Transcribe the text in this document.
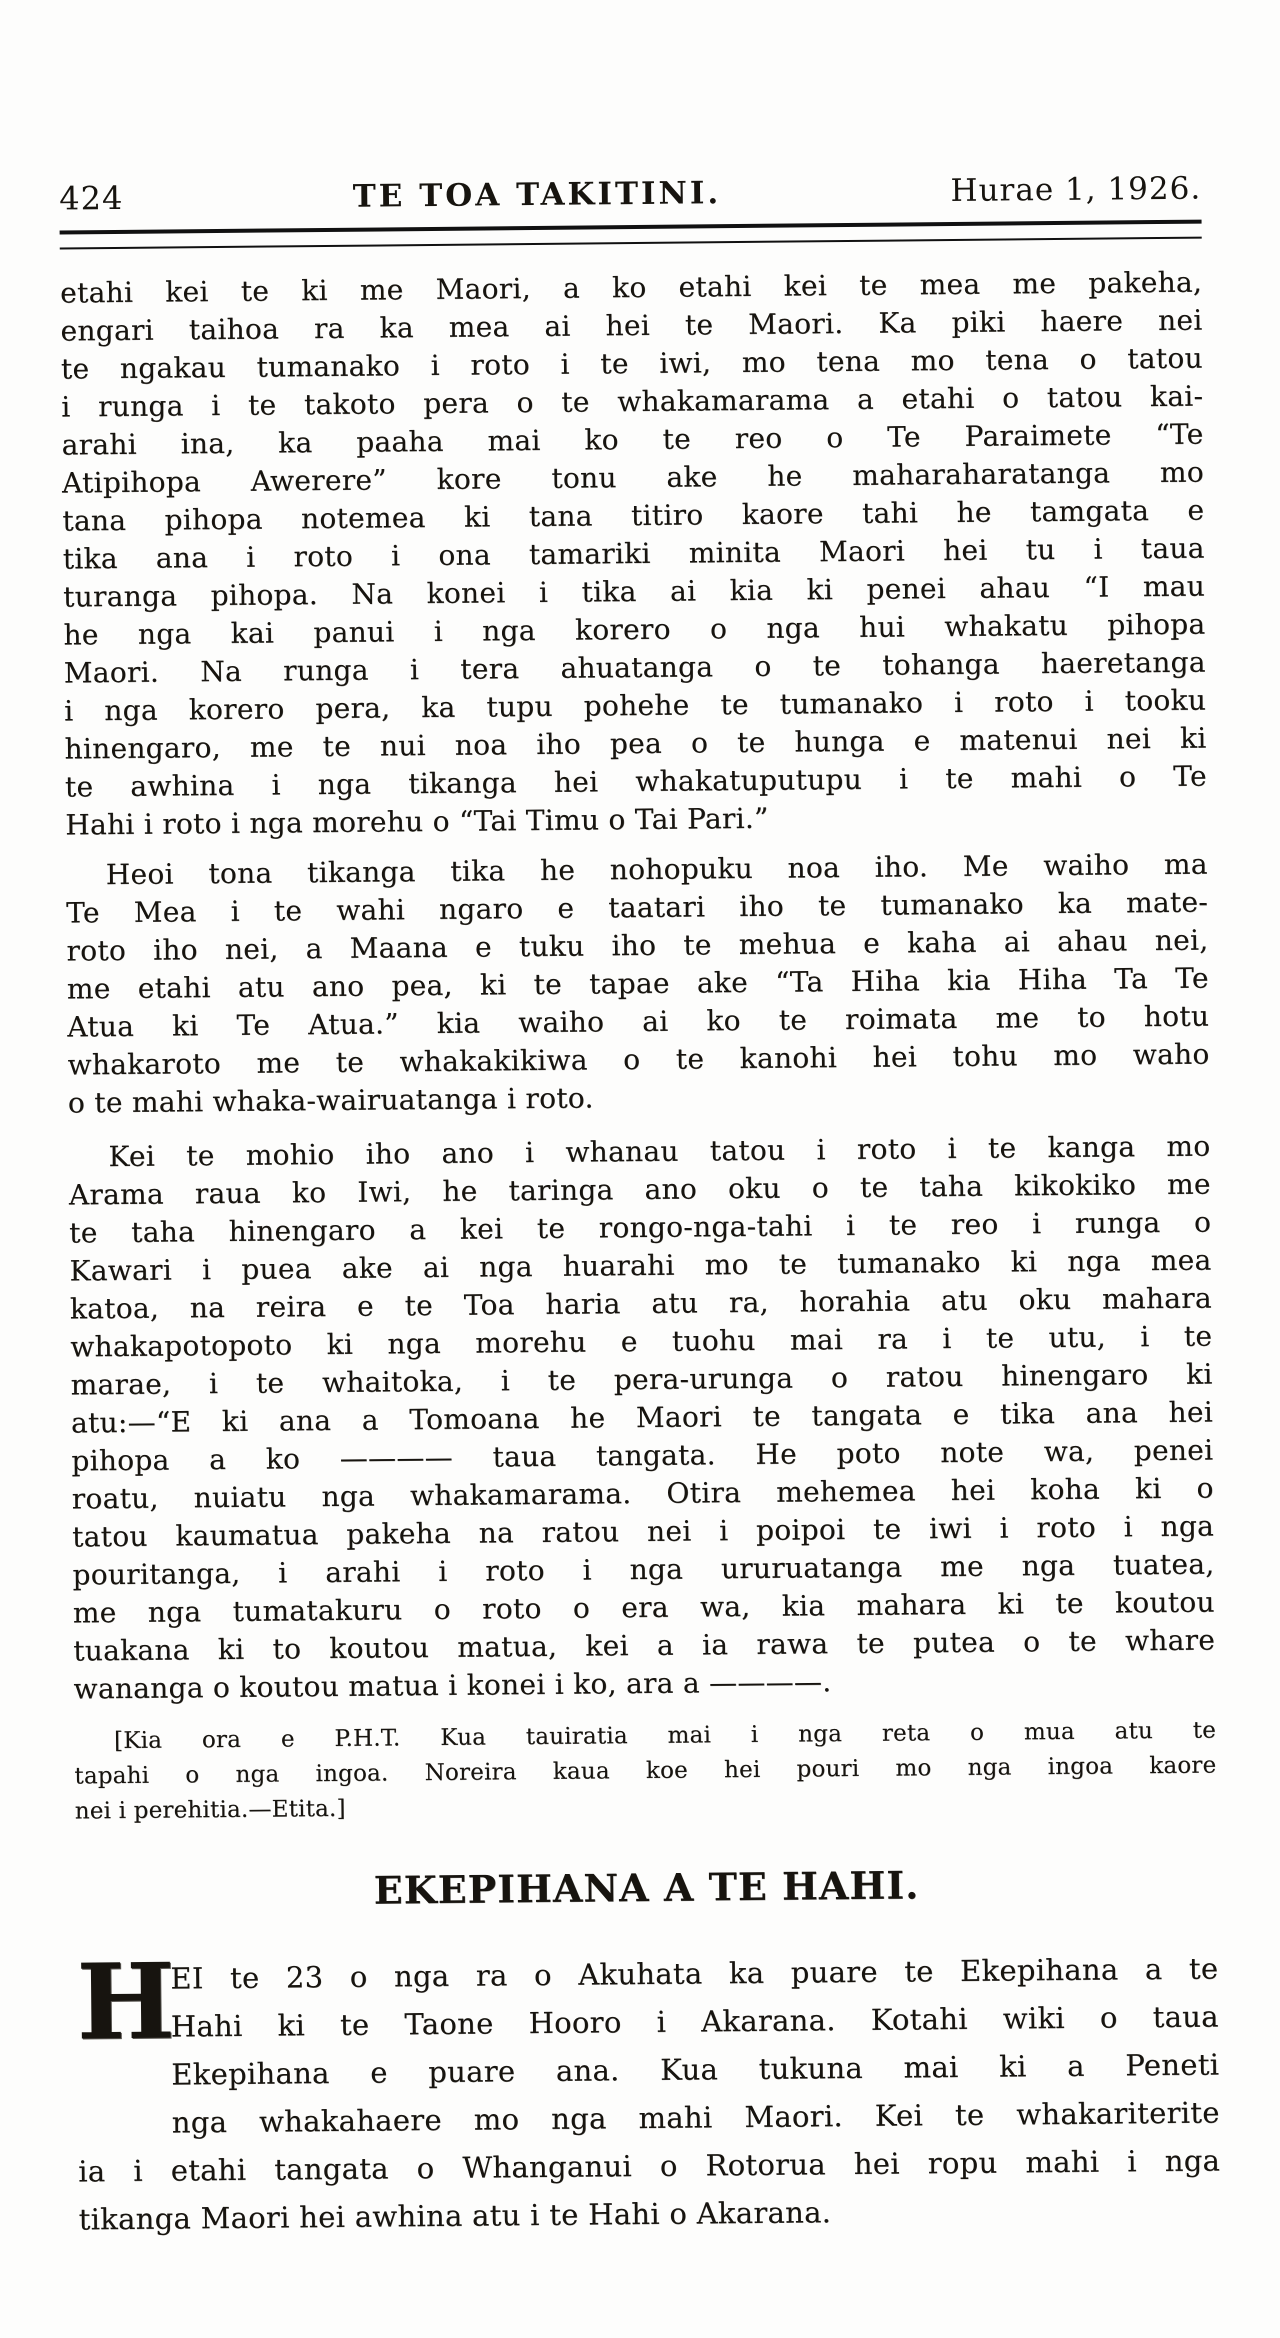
424	TE TOA TAKITINI.	Hurae 1, 1926.

etahi kei te ki me Maori, a ko etahi kei te mea me pakeha,
engari taihoa ra ka mea ai hei te Maori. Ka piki haere nei
te ngakau tumanako i roto i te iwi, mo tena mo tena o tatou
i runga i te takoto pera o te whakamarama a etahi o tatou kai-
arahi ina, ka paaha mai ko te reo o Te Paraimete “Te
Atipihopa Awerere” kore tonu ake he maharaharatanga mo
tana pihopa notemea ki tana titiro kaore tahi he tamgata e
tika ana i roto i ona tamariki minita Maori hei tu i taua
turanga pihopa. Na konei i tika ai kia ki penei ahau “I mau
he nga kai panui i nga korero o nga hui whakatu pihopa
Maori. Na runga i tera ahuatanga o te tohanga haeretanga
i nga korero pera, ka tupu pohehe te tumanako i roto i tooku
hinengaro, me te nui noa iho pea o te hunga e matenui nei ki
te awhina i nga tikanga hei whakatuputupu i te mahi o Te
Hahi i roto i nga morehu o “Tai Timu o Tai Pari.”

Heoi tona tikanga tika he nohopuku noa iho. Me waiho ma
Te Mea i te wahi ngaro e taatari iho te tumanako ka mate-
roto iho nei, a Maana e tuku iho te mehua e kaha ai ahau nei,
me etahi atu ano pea, ki te tapae ake “Ta Hiha kia Hiha Ta Te
Atua ki Te Atua.” kia waiho ai ko te roimata me to hotu
whakaroto me te whakakikiwa o te kanohi hei tohu mo waho
o te mahi whaka-wairuatanga i roto.

Kei te mohio iho ano i whanau tatou i roto i te kanga mo
Arama raua ko Iwi, he taringa ano oku o te taha kikokiko me
te taha hinengaro a kei te rongo-nga-tahi i te reo i runga o
Kawari i puea ake ai nga huarahi mo te tumanako ki nga mea
katoa, na reira e te Toa haria atu ra, horahia atu oku mahara
whakapotopoto ki nga morehu e tuohu mai ra i te utu, i te
marae, i te whaitoka, i te pera-urunga o ratou hinengaro ki
atu:—“E ki ana a Tomoana he Maori te tangata e tika ana hei
pihopa a ko ———— taua tangata. He poto note wa, penei
roatu, nuiatu nga whakamarama. Otira mehemea hei koha ki o
tatou kaumatua pakeha na ratou nei i poipoi te iwi i roto i nga
pouritanga, i arahi i roto i nga ururuatanga me nga tuatea,
me nga tumatakuru o roto o era wa, kia mahara ki te koutou
tuakana ki to koutou matua, kei a ia rawa te putea o te whare
wananga o koutou matua i konei i ko, ara a ————.

[Kia ora e P.H.T. Kua tauiratia mai i nga reta o mua atu te
tapahi o nga ingoa. Noreira kaua koe hei pouri mo nga ingoa kaore
nei i perehitia.—Etita.]

EKEPIHANA A TE HAHI.
H
EI te 23 o nga ra o Akuhata ka puare te Ekepihana a te
Hahi ki te Taone Hooro i Akarana. Kotahi wiki o taua
Ekepihana e puare ana. Kua tukuna mai ki a Peneti
nga whakahaere mo nga mahi Maori. Kei te whakariterite
ia i etahi tangata o Whanganui o Rotorua hei ropu mahi i nga
tikanga Maori hei awhina atu i te Hahi o Akarana.
